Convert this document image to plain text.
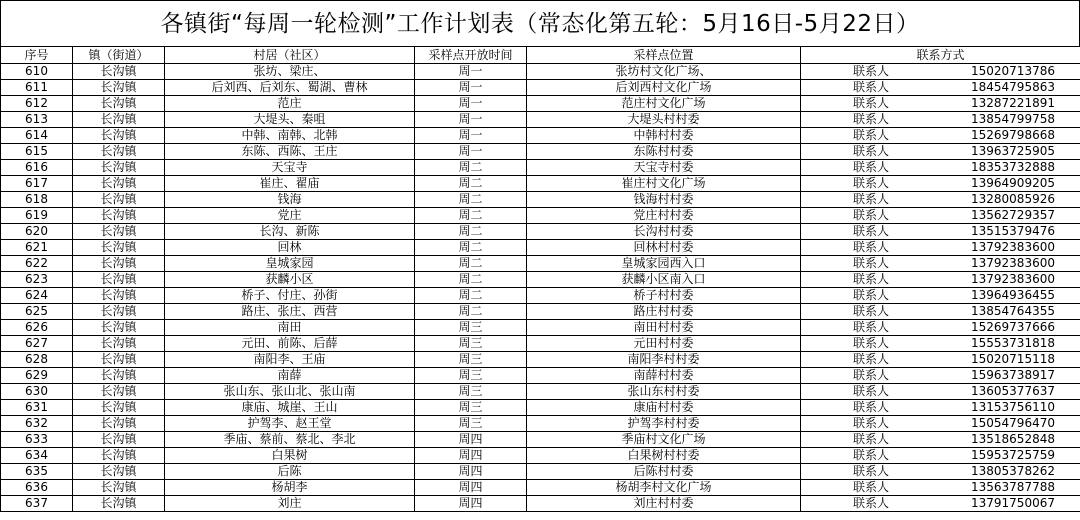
各镇街“每周一轮检测”工作计划表（常态化第五轮：5月16日-5月22日）
序号	镇（街道）	村居（社区）	采样点开放时间	采样点位置	联系方式
610	长沟镇	张坊、梁庄、	周一	张坊村文化广场、	联系人 15020713786
611	长沟镇	后刘西、后刘东、蜀湖、曹林	周一	后刘西村文化广场	联系人 18454795863
612	长沟镇	范庄	周一	范庄村文化广场	联系人 13287221891
613	长沟镇	大堤头、秦咀	周一	大堤头村村委	联系人 13854799758
614	长沟镇	中韩、南韩、北韩	周一	中韩村村委	联系人 15269798668
615	长沟镇	东陈、西陈、王庄	周一	东陈村村委	联系人 13963725905
616	长沟镇	天宝寺	周二	天宝寺村委	联系人 18353732888
617	长沟镇	崔庄、翟庙	周二	崔庄村文化广场	联系人 13964909205
618	长沟镇	钱海	周二	钱海村村委	联系人 13280085926
619	长沟镇	党庄	周二	党庄村村委	联系人 13562729357
620	长沟镇	长沟、新陈	周二	长沟村村委	联系人 13515379476
621	长沟镇	回林	周二	回林村村委	联系人 13792383600
622	长沟镇	皇城家园	周二	皇城家园西入口	联系人 13792383600
623	长沟镇	获麟小区	周二	获麟小区南入口	联系人 13792383600
624	长沟镇	桥子、付庄、孙街	周二	桥子村村委	联系人 13964936455
625	长沟镇	路庄、张庄、西营	周二	路庄村村委	联系人 13854764355
626	长沟镇	南田	周三	南田村村委	联系人 15269737666
627	长沟镇	元田、前陈、后薛	周三	元田村村委	联系人 15553731818
628	长沟镇	南阳李、王庙	周三	南阳李村村委	联系人 15020715118
629	长沟镇	南薛	周三	南薛村村委	联系人 15963738917
630	长沟镇	张山东、张山北、张山南	周三	张山东村村委	联系人 13605377637
631	长沟镇	康庙、城崖、王山	周三	康庙村村委	联系人 13153756110
632	长沟镇	护驾李、赵王堂	周三	护驾李村村委	联系人 15054796470
633	长沟镇	季庙、蔡前、蔡北、李北	周四	季庙村文化广场	联系人 13518652848
634	长沟镇	白果树	周四	白果树村村委	联系人 15953725759
635	长沟镇	后陈	周四	后陈村村委	联系人 13805378262
636	长沟镇	杨胡李	周四	杨胡李村文化广场	联系人 13563787788
637	长沟镇	刘庄	周四	刘庄村村委	联系人 13791750067
